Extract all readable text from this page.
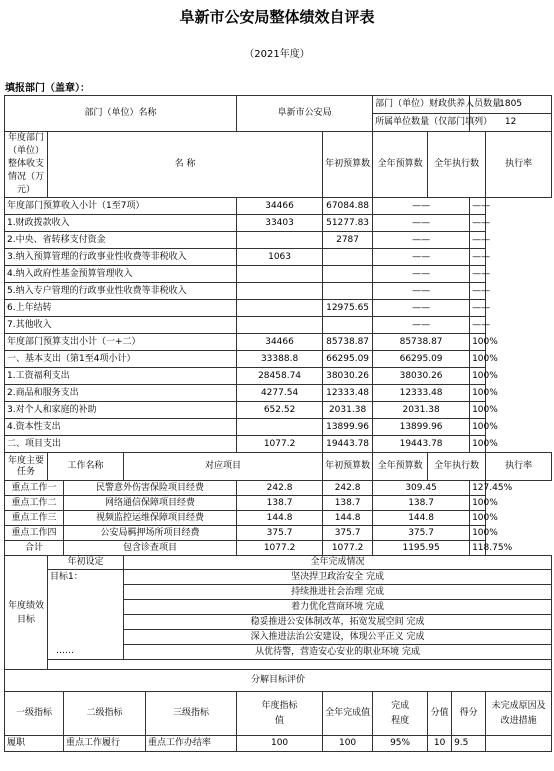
阜新市公安局整体绩效自评表
（2021年度）
填报部门（盖章）：
部门（单位）名称					阜新市公安局		部门（单位）财政供养人员数量			1805	
							所属单位数量（仅部门填列）			12	
年度部门（单位）整体收支情况（万元）	名 称					年初预算数	全年预算数	全年执行数			执行率
年度部门预算收入小计（1至7项）					34466	67084.88	——			——	
1.财政拨款收入					33403	51277.83	——			——	
2.中央、省转移支付资金						2787	——			——	
3.纳入预算管理的行政事业性收费等非税收入					1063		——			——	
4.纳入政府性基金预算管理收入							——			——	
5.纳入专户管理的行政事业性收费等非税收入							——			——	
6.上年结转						12975.65	——			——	
7.其他收入							——			——	
年度部门预算支出小计（一+二）					34466	85738.87	85738.87			100%	
一、基本支出（第1至4项小计）					33388.8	66295.09	66295.09			100%	
1.工资福利支出					28458.74	38030.26	38030.26			100%	
2.商品和服务支出					4277.54	12333.48	12333.48			100%	
3.对个人和家庭的补助					652.52	2031.38	2031.38			100%	
4.资本性支出						13899.96	13899.96			100%	
二、项目支出					1077.2	19443.78	19443.78			100%	
年度主要任务	工作名称		对应项目			年初预算数	全年预算数	全年执行数			执行率
重点工作一		民警意外伤害保险项目经费			242.8	242.8	309.45			127.45%	
重点工作二		网络通信保障项目经费			138.7	138.7	138.7			100%	
重点工作三		视频监控运维保障项目经费			144.8	144.8	144.8			100%	
重点工作四		公安局羁押场所项目经费			375.7	375.7	375.7			100%	
合计		包含诊查项目			1077.2	1077.2	1195.95			118.75%	
年度绩效目标	年初设定		全年完成情况								
	目标1：		坚决捍卫政治安全 完成								
			持续推进社会治理 完成								
			着力优化营商环境 完成								
			稳妥推进公安体制改革，拓宽发展空间 完成								
			深入推进法治公安建设，体现公平正义 完成								
	……		从优待警，营造安心安业的职业环境 完成								

分解目标评价											
一级指标		二级指标		三级指标	年度指标值	全年完成值	完成程度	分值	得分		未完成原因及改进措施
履职		重点工作履行		重点工作办结率	100	100	95%	10	9.5		
